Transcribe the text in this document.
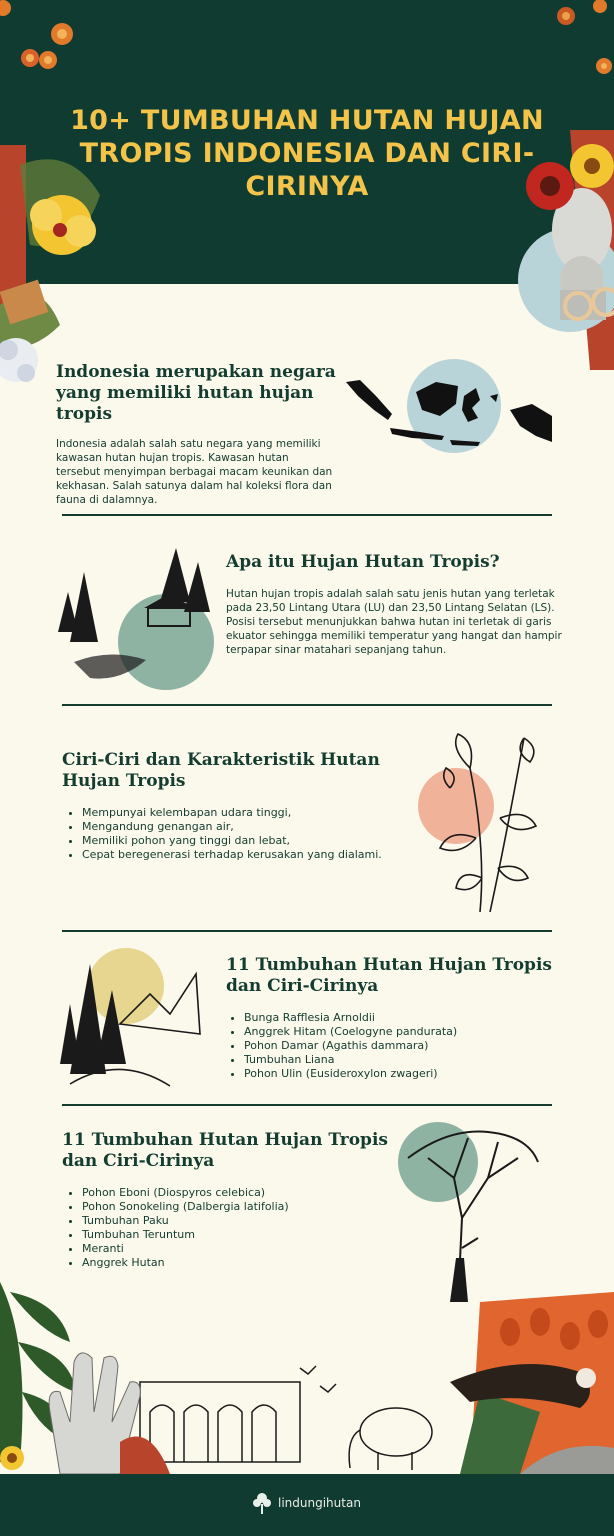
10+ TUMBUHAN HUTAN HUJAN TROPIS INDONESIA DAN CIRI-CIRINYA
Indonesia merupakan negara yang memiliki hutan hujan tropis

Indonesia adalah salah satu negara yang memiliki kawasan hutan hujan tropis. Kawasan hutan tersebut menyimpan berbagai macam keunikan dan kekhasan. Salah satunya dalam hal koleksi flora dan fauna di dalamnya.

Apa itu Hujan Hutan Tropis?

Hutan hujan tropis adalah salah satu jenis hutan yang terletak pada 23,50 Lintang Utara (LU) dan 23,50 Lintang Selatan (LS). Posisi tersebut menunjukkan bahwa hutan ini terletak di garis ekuator sehingga memiliki temperatur yang hangat dan hampir terpapar sinar matahari sepanjang tahun.

Ciri-Ciri dan Karakteristik Hutan Hujan Tropis
• Mempunyai kelembapan udara tinggi,
• Mengandung genangan air,
• Memiliki pohon yang tinggi dan lebat,
• Cepat beregenerasi terhadap kerusakan yang dialami.
11 Tumbuhan Hutan Hujan Tropis dan Ciri-Cirinya
• Bunga Rafflesia Arnoldii
• Anggrek Hitam (Coelogyne pandurata)
• Pohon Damar (Agathis dammara)
• Tumbuhan Liana
• Pohon Ulin (Eusideroxylon zwageri)
11 Tumbuhan Hutan Hujan Tropis dan Ciri-Cirinya
• Pohon Eboni (Diospyros celebica)
• Pohon Sonokeling (Dalbergia latifolia)
• Tumbuhan Paku
• Tumbuhan Teruntum
• Meranti
• Anggrek Hutan
lindungihutan
